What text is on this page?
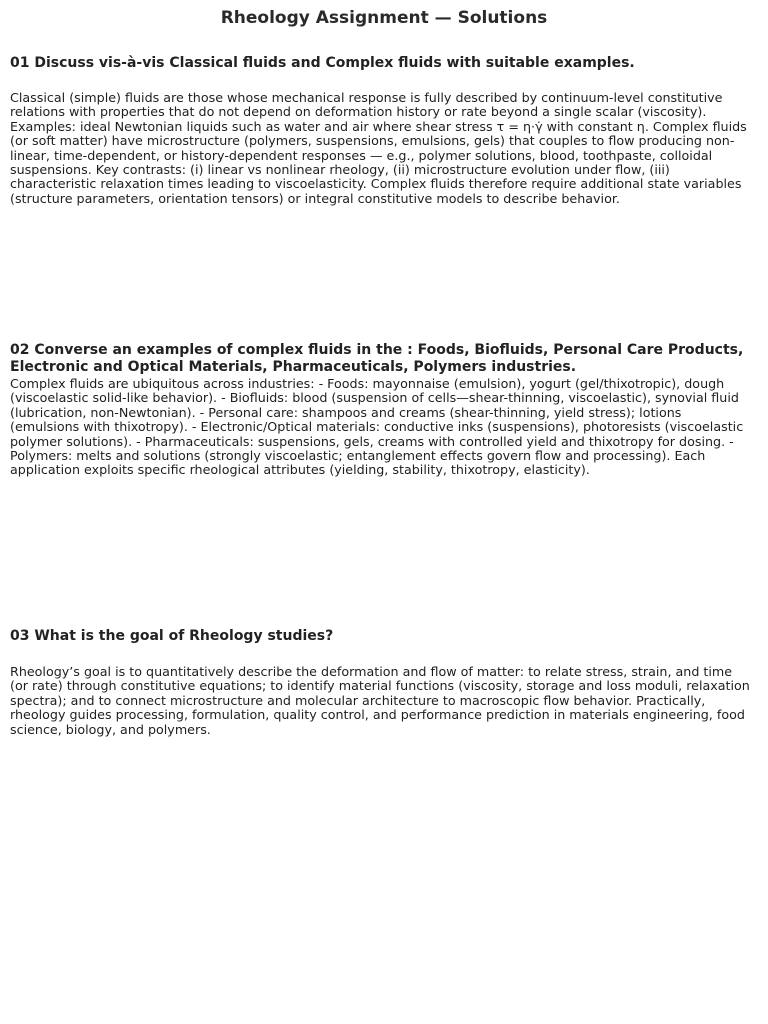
Rheology Assignment — Solutions
01 Discuss vis-à-vis Classical fluids and Complex fluids with suitable examples.

Classical (simple) fluids are those whose mechanical response is fully described by continuum-level constitutive relations with properties that do not depend on deformation history or rate beyond a single scalar (viscosity). Examples: ideal Newtonian liquids such as water and air where shear stress τ = η·γ̇ with constant η. Complex fluids (or soft matter) have microstructure (polymers, suspensions, emulsions, gels) that couples to flow producing non-linear, time-dependent, or history-dependent responses — e.g., polymer solutions, blood, toothpaste, colloidal suspensions. Key contrasts: (i) linear vs nonlinear rheology, (ii) microstructure evolution under flow, (iii) characteristic relaxation times leading to viscoelasticity. Complex fluids therefore require additional state variables (structure parameters, orientation tensors) or integral constitutive models to describe behavior.

02 Converse an examples of complex fluids in the : Foods, Biofluids, Personal Care Products, Electronic and Optical Materials, Pharmaceuticals, Polymers industries.

Complex fluids are ubiquitous across industries: - Foods: mayonnaise (emulsion), yogurt (gel/thixotropic), dough (viscoelastic solid-like behavior). - Biofluids: blood (suspension of cells—shear-thinning, viscoelastic), synovial fluid (lubrication, non-Newtonian). - Personal care: shampoos and creams (shear-thinning, yield stress); lotions (emulsions with thixotropy). - Electronic/Optical materials: conductive inks (suspensions), photoresists (viscoelastic polymer solutions). - Pharmaceuticals: suspensions, gels, creams with controlled yield and thixotropy for dosing. - Polymers: melts and solutions (strongly viscoelastic; entanglement effects govern flow and processing). Each application exploits specific rheological attributes (yielding, stability, thixotropy, elasticity).

03 What is the goal of Rheology studies?

Rheology’s goal is to quantitatively describe the deformation and flow of matter: to relate stress, strain, and time (or rate) through constitutive equations; to identify material functions (viscosity, storage and loss moduli, relaxation spectra); and to connect microstructure and molecular architecture to macroscopic flow behavior. Practically, rheology guides processing, formulation, quality control, and performance prediction in materials engineering, food science, biology, and polymers.
